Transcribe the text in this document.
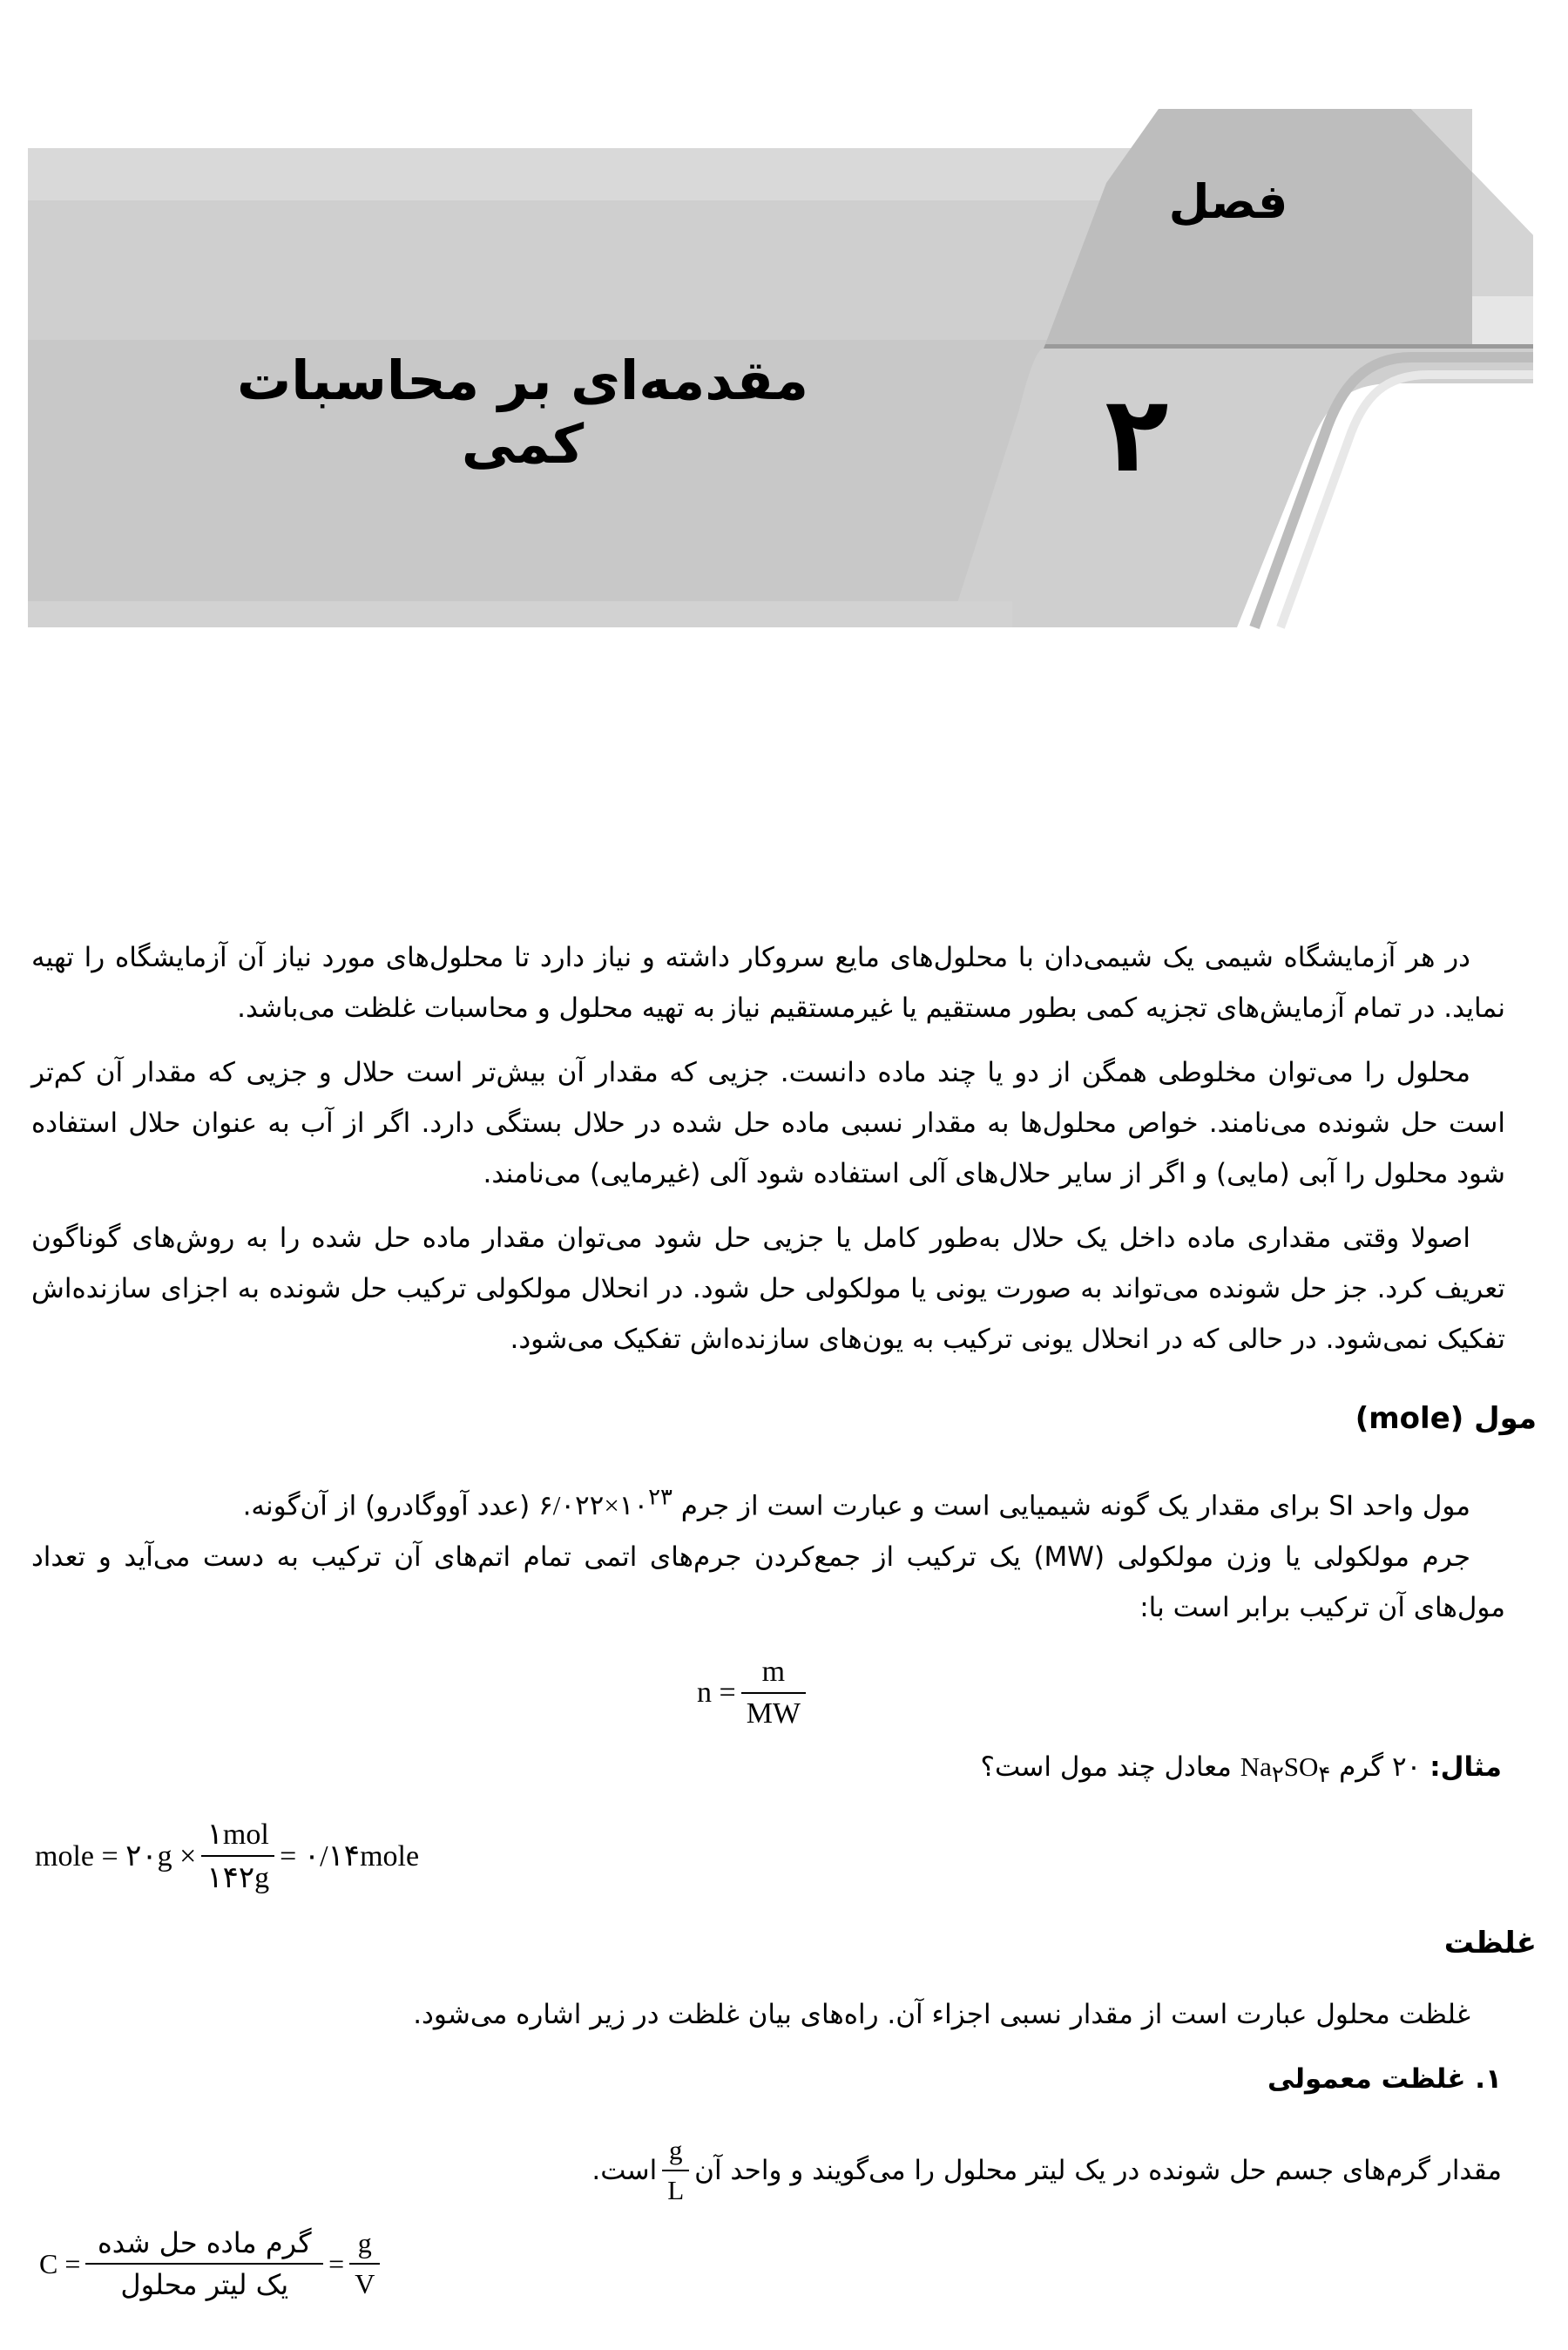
فصل
۲
مقدمه‌ای بر محاسبات کمی
در هر آزمایشگاه شیمی یک شیمی‌دان با محلول‌های مایع سروکار داشته و نیاز دارد تا محلول‌های مورد نیاز آن آزمایشگاه را تهیه نماید. در تمام آزمایش‌های تجزیه کمی بطور مستقیم یا غیرمستقیم نیاز به تهیه محلول و محاسبات غلظت می‌باشد.
محلول را می‌توان مخلوطی همگن از دو یا چند ماده دانست. جزیی که مقدار آن بیش‌تر است حلال و جزیی که مقدار آن کم‌تر است حل شونده می‌نامند. خواص محلول‌ها به مقدار نسبی ماده حل شده در حلال بستگی دارد. اگر از آب به عنوان حلال استفاده شود محلول را آبی (مایی) و اگر از سایر حلال‌های آلی استفاده شود آلی (غیرمایی) می‌نامند.
اصولا وقتی مقداری ماده داخل یک حلال به‌طور کامل یا جزیی حل شود می‌توان مقدار ماده حل شده را به روش‌های گوناگون تعریف کرد. جز حل شونده می‌تواند به صورت یونی یا مولکولی حل شود. در انحلال مولکولی ترکیب حل شونده به اجزای سازنده‌اش تفکیک نمی‌شود. در حالی که در انحلال یونی ترکیب به یون‌های سازنده‌اش تفکیک می‌شود.
مول (mole)
مول واحد SI برای مقدار یک گونه شیمیایی است و عبارت است از جرم $۶/۰۲۲\times ۱۰^{۲۳}$ (عدد آووگادرو) از آن‌گونه.
جرم مولکولی یا وزن مولکولی (MW) یک ترکیب از جمع‌کردن جرم‌های اتمی تمام اتم‌های آن ترکیب به دست می‌آید و تعداد مول‌های آن ترکیب برابر است با:
$n = \frac{m}{MW}$
مثال: ۲۰ گرم $Na_۲SO_۴$ معادل چند مول است؟
mole = ۲۰g × $\frac{\text{۱mol}}{۱۴۲g}$ = ۰/۱۴mole
غلظت
غلظت محلول عبارت است از مقدار نسبی اجزاء آن. راه‌های بیان غلظت در زیر اشاره می‌شود.
۱. غلظت معمولی
مقدار گرم‌های جسم حل شونده در یک لیتر محلول را می‌گویند و واحد آن
$\frac{g}{L}$
است.
$C = \frac{\text{گرم ماده حل شده}}{\text{یک لیتر محلول}} = \frac{g}{V}$
